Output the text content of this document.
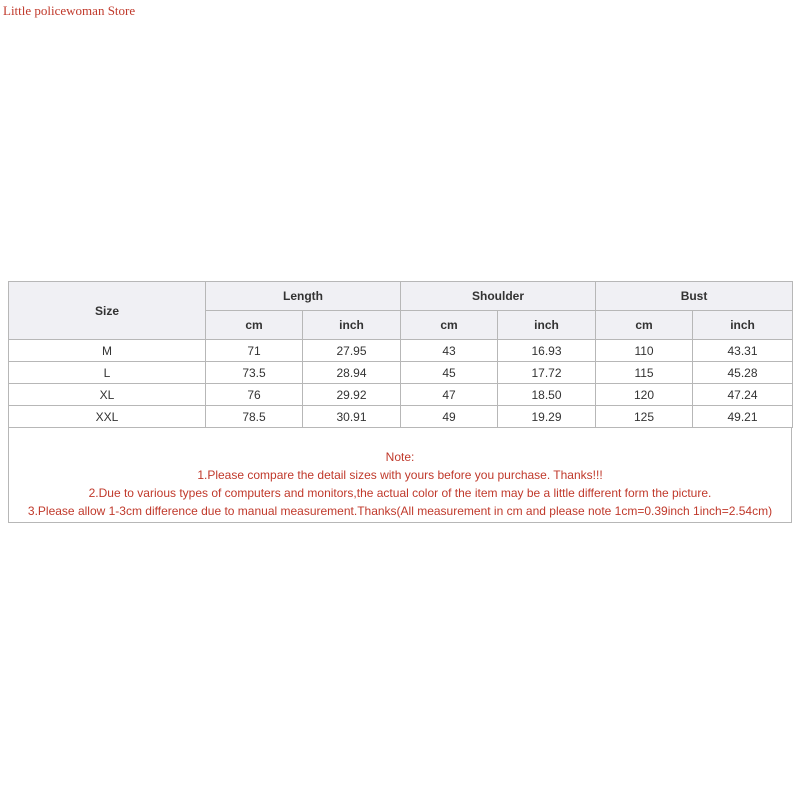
Little policewoman Store
Size	Length		Shoulder		Bust	
	cm	inch	cm	inch	cm	inch
M	71	27.95	43	16.93	110	43.31
L	73.5	28.94	45	17.72	115	45.28
XL	76	29.92	47	18.50	120	47.24
XXL	78.5	30.91	49	19.29	125	49.21
Note:
1.Please compare the detail sizes with yours before you purchase. Thanks!!!
2.Due to various types of computers and monitors,the actual color of the item may be a little different form the picture.
3.Please allow 1-3cm difference due to manual measurement.Thanks(All measurement in cm and please note 1cm=0.39inch 1inch=2.54cm)
